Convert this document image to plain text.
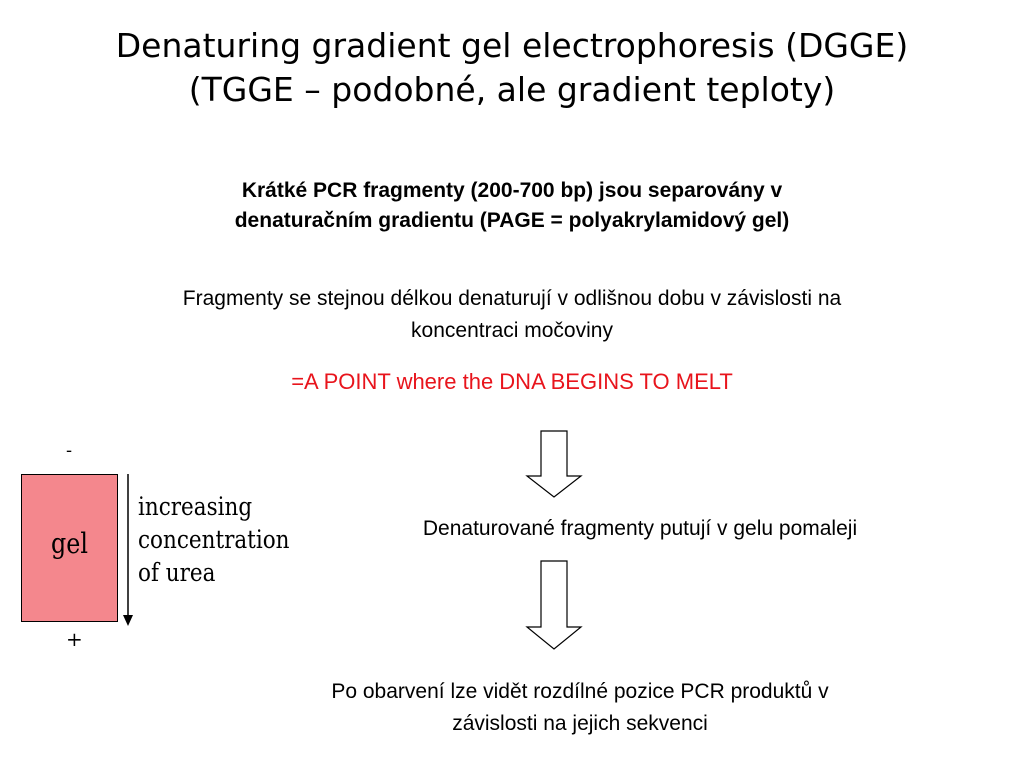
Denaturing gradient gel electrophoresis (DGGE)
(TGGE – podobné, ale gradient teploty)
Krátké PCR fragmenty (200-700 bp) jsou separovány v
denaturačním gradientu (PAGE = polyakrylamidový gel)
Fragmenty se stejnou délkou denaturují v odlišnou dobu v závislosti na
koncentraci močoviny
=A POINT where the DNA BEGINS TO MELT
-
gel
+
increasing
concentration
of urea
Denaturované fragmenty putují v gelu pomaleji
Po obarvení lze vidět rozdílné pozice PCR produktů v
závislosti na jejich sekvenci
